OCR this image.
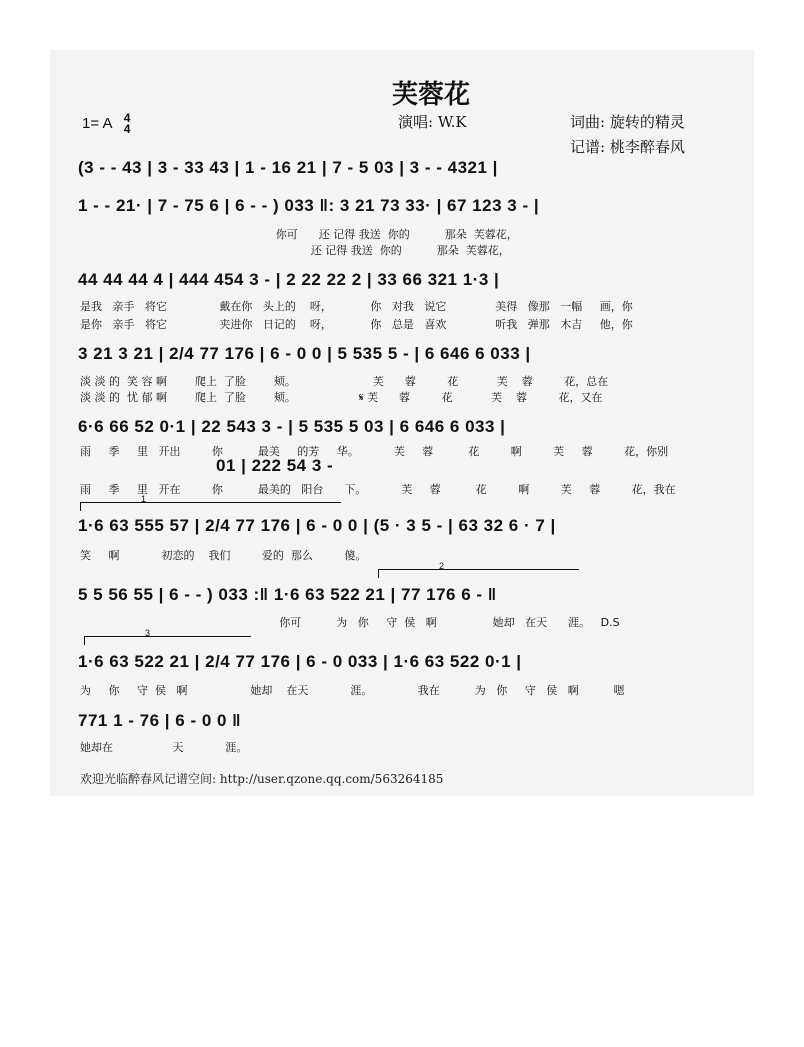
芙蓉花
1= A 4
4	演唱: W.K	词曲: 旋转的精灵
记谱: 桃李醉春风
(3 - - 43 | 3 - 33 43 | 1 - 16 21 | 7 - 5 03 | 3 - - 4321 |
1 - - 21· | 7 - 75 6 | 6 - - ) 033 ‖: 3 21 73 33· | 67 123 3 - |
你可      还 记得 我送  你的          那朵  芙蓉花，
还 记得 我送  你的          那朵  芙蓉花，
44 44 44 4 | 444 454 3 - | 2 22 22 2 | 33 66 321 1·3 |
是我   亲手   将它               戴在你   头上的    呀，           你   对我   说它              美得   像那   一幅     画，你
是你   亲手   将它               夹进你   日记的    呀，           你   总是   喜欢              听我   弹那   木吉     他，你
3 21 3 21 | 2/4 77 176 | 6 - 0 0 | 5 535 5 - | 6 646 6 033 |
淡 淡 的  笑 容 啊        爬上  了脸        颊。                      芙      蓉         花           芙    蓉         花，总在
淡 淡 的  忧 郁 啊        爬上  了脸        颊。                  𝄋 芙      蓉         花           芙    蓉         花，又在
6·6 66 52 0·1 | 22 543 3 - | 5 535 5 03 | 6 646 6 033 |
雨     季     里   开出         你          最美     的芳     华。          芙     蓉          花         啊         芙     蓉         花，你别
01 | 222 54 3 -
雨     季     里   开在         你          最美的   阳台      下。          芙     蓉          花         啊         芙     蓉         花，我在
1
1·6 63 555 57 | 2/4 77 176 | 6 - 0 0 | (5 · 3 5 - | 63 32 6 · 7 |
笑     啊            初恋的    我们         爱的  那么         傻。
2
5 5 56 55 | 6 - - ) 033 :‖ 1·6 63 522 21 | 77 176 6 - ‖
你可          为   你     守  侯   啊                她却   在天      涯。   D.S
3
1·6 63 522 21 | 2/4 77 176 | 6 - 0 033 | 1·6 63 522 0·1 |
为     你     守  侯   啊                  她却    在天            涯。             我在          为   你     守   侯   啊          嗯
771 1 - 76 | 6 - 0 0 ‖
她却在                 天            涯。
欢迎光临醉春风记谱空间: http://user.qzone.qq.com/563264185
